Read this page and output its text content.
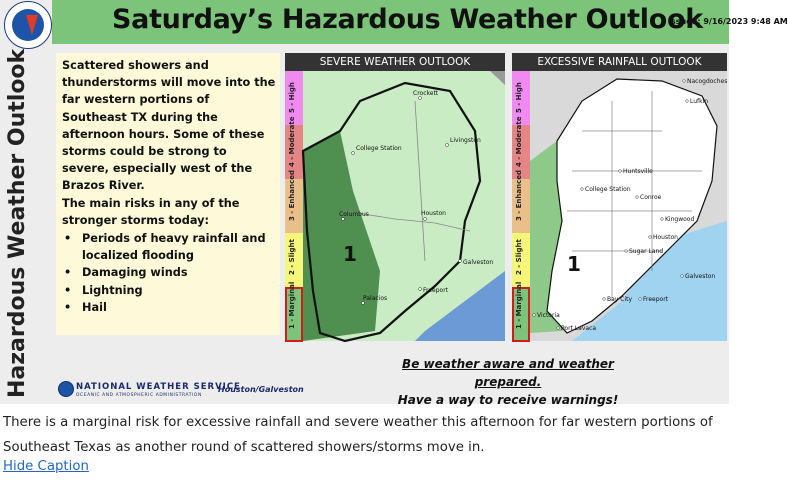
Saturday’s Hazardous Weather Outlook
Issued: 9/16/2023 9:48 AM
Hazardous Weather Outlook	Scattered showers and thunderstorms will move into the far western portions of Southeast TX during the afternoon hours. Some of these storms could be strong to severe, especially west of the Brazos River.
The main risks in any of the stronger storms today:
• Periods of heavy rainfall and localized flooding
• Damaging winds
• Lightning
• Hail
SEVERE WEATHER OUTLOOK
5 - High
4 - Moderate
3 - Enhanced
2 - Slight
1 - Marginal
1
Crockett
College Station
Livingston
Columbus	Houston
Galveston
Palacios
Freeport
EXCESSIVE RAINFALL OUTLOOK
5 - High
4 - Moderate
3 - Enhanced
2 - Slight
1 - Marginal
1
Nacogdoches
Lufkin
Huntsville
College Station
Conroe
Kingwood
Houston
Sugar Land
Galveston
Bay City Freeport
Victoria
Port Lavaca
Be weather aware and weather prepared.
Have a way to receive warnings!
NATIONAL WEATHER SERVICE
OCEANIC AND ATMOSPHERIC ADMINISTRATION
Houston/Galveston
There is a marginal risk for excessive rainfall and severe weather this afternoon for far western portions of Southeast Texas as another round of scattered showers/storms move in.
Hide Caption
